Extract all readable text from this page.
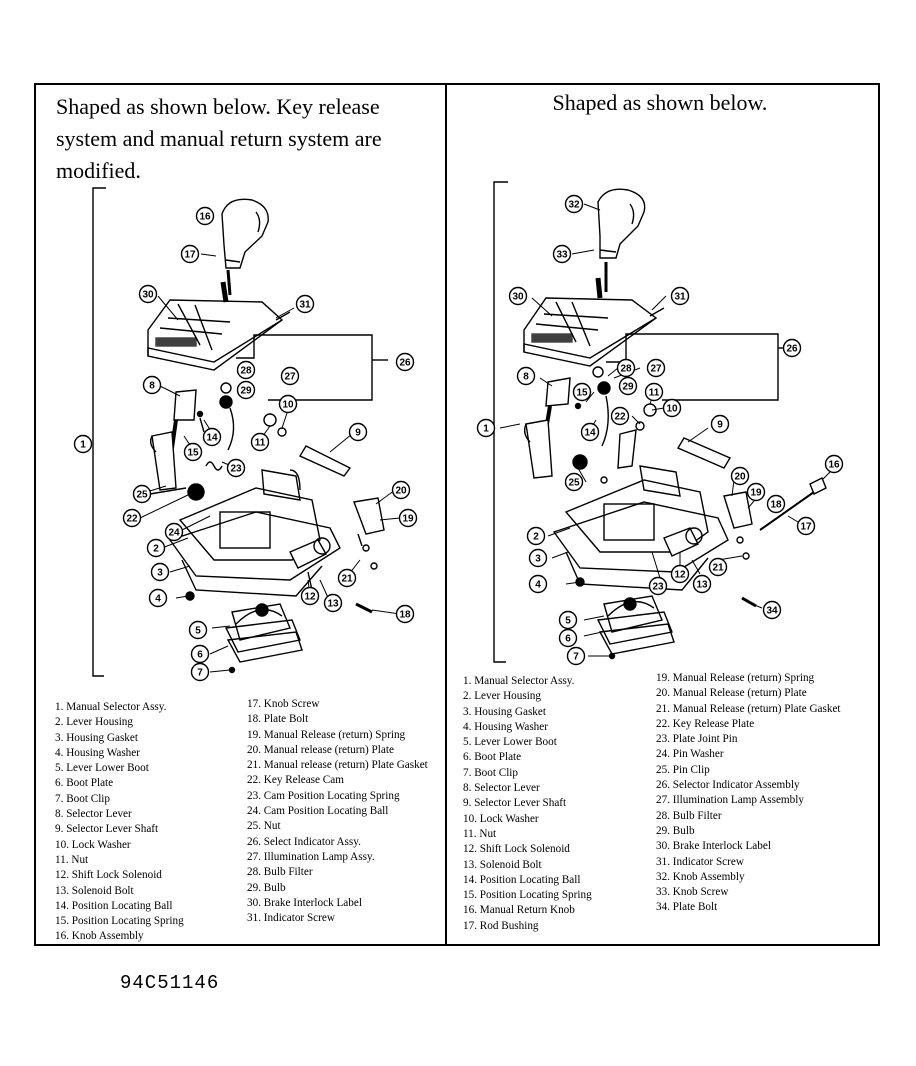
Shaped as shown below. Key release system and manual return system are modified.
Shaped as shown below.
16
17
30
31
26
28
29
27
8
15
10
14	11
1
9
23
25
22
20
24
19
2
3
21
12
13
4
18
5
6
7
32
33
30	31
26
8
28
29
27
15	11
10
22
1	14
9
25
16
20
19
18
17
2
3
21
12
13
4	23
34
5
6
7
1. Manual Selector Assy.
2. Lever Housing
3. Housing Gasket
4. Housing Washer
5. Lever Lower Boot
6. Boot Plate
7. Boot Clip
8. Selector Lever
9. Selector Lever Shaft
10. Lock Washer
11. Nut
12. Shift Lock Solenoid
13. Solenoid Bolt
14. Position Locating Ball
15. Position Locating Spring
16. Knob Assembly
17. Knob Screw
18. Plate Bolt
19. Manual Release (return) Spring
20. Manual release (return) Plate
21. Manual release (return) Plate Gasket
22. Key Release Cam
23. Cam Position Locating Spring
24. Cam Position Locating Ball
25. Nut
26. Select Indicator Assy.
27. Illumination Lamp Assy.
28. Bulb Filter
29. Bulb
30. Brake Interlock Label
31. Indicator Screw
1. Manual Selector Assy.
2. Lever Housing
3. Housing Gasket
4. Housing Washer
5. Lever Lower Boot
6. Boot Plate
7. Boot Clip
8. Selector Lever
9. Selector Lever Shaft
10. Lock Washer
11. Nut
12. Shift Lock Solenoid
13. Solenoid Bolt
14. Position Locating Ball
15. Position Locating Spring
16. Manual Return Knob
17. Rod Bushing
19. Manual Release (return) Spring
20. Manual Release (return) Plate
21. Manual Release (return) Plate Gasket
22. Key Release Plate
23. Plate Joint Pin
24. Pin Washer
25. Pin Clip
26. Selector Indicator Assembly
27. Illumination Lamp Assembly
28. Bulb Filter
29. Bulb
30. Brake Interlock Label
31. Indicator Screw
32. Knob Assembly
33. Knob Screw
34. Plate Bolt
94C51146
